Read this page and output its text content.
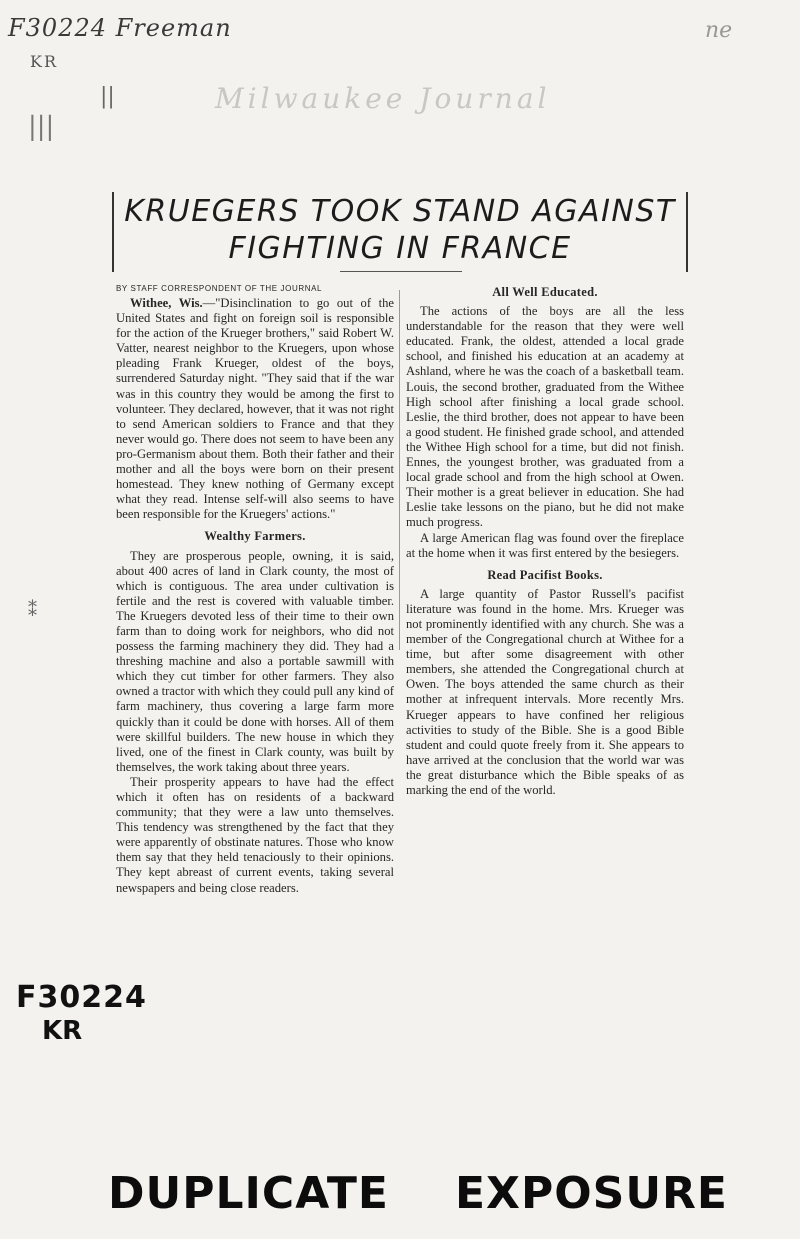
F30224 Freeman
KR
Milwaukee Journal
ne
||
|||
F30224
KR
⁑
KRUEGERS TOOK STAND AGAINST
FIGHTING IN FRANCE
BY STAFF CORRESPONDENT OF THE JOURNAL

Withee, Wis.—"Disinclination to go out of the United States and fight on foreign soil is responsible for the action of the Krueger brothers," said Robert W. Vatter, nearest neighbor to the Kruegers, upon whose pleading Frank Krueger, oldest of the boys, surrendered Saturday night. "They said that if the war was in this country they would be among the first to volunteer. They declared, however, that it was not right to send American soldiers to France and that they never would go. There does not seem to have been any pro-Germanism about them. Both their father and their mother and all the boys were born on their present homestead. They knew nothing of Germany except what they read. Intense self-will also seems to have been responsible for the Kruegers' actions."

Wealthy Farmers.

They are prosperous people, owning, it is said, about 400 acres of land in Clark county, the most of which is contiguous. The area under cultivation is fertile and the rest is covered with valuable timber. The Kruegers devoted less of their time to their own farm than to doing work for neighbors, who did not possess the farming machinery they did. They had a threshing machine and also a portable sawmill with which they cut timber for other farmers. They also owned a tractor with which they could pull any kind of farm machinery, thus covering a large farm more quickly than it could be done with horses. All of them were skillful builders. The new house in which they lived, one of the finest in Clark county, was built by themselves, the work taking about three years.

Their prosperity appears to have had the effect which it often has on residents of a backward community; that they were a law unto themselves. This tendency was strengthened by the fact that they were apparently of obstinate natures. Those who know them say that they held tenaciously to their opinions. They kept abreast of current events, taking several newspapers and being close readers.

All Well Educated.

The actions of the boys are all the less understandable for the reason that they were well educated. Frank, the oldest, attended a local grade school, and finished his education at an academy at Ashland, where he was the coach of a basketball team. Louis, the second brother, graduated from the Withee High school after finishing a local grade school. Leslie, the third brother, does not appear to have been a good student. He finished grade school, and attended the Withee High school for a time, but did not finish. Ennes, the youngest brother, was graduated from a local grade school and from the high school at Owen. Their mother is a great believer in education. She had Leslie take lessons on the piano, but he did not make much progress.

A large American flag was found over the fireplace at the home when it was first entered by the besiegers.

Read Pacifist Books.

A large quantity of Pastor Russell's pacifist literature was found in the home. Mrs. Krueger was not prominently identified with any church. She was a member of the Congregational church at Withee for a time, but after some disagreement with other members, she attended the Congregational church at Owen. The boys attended the same church as their mother at infrequent intervals. More recently Mrs. Krueger appears to have confined her religious activities to study of the Bible. She is a good Bible student and could quote freely from it. She appears to have arrived at the conclusion that the world war was the great disturbance which the Bible speaks of as marking the end of the world.

DUPLICATE EXPOSURE
